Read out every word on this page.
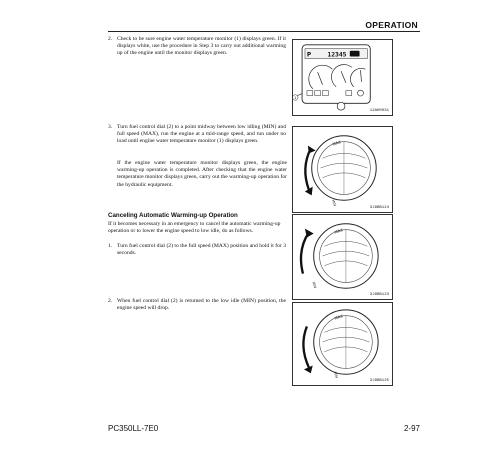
OPERATION
2. Check to be sure engine water temperature monitor (1) displays green. If it displays white, use the procedure in Step 3 to carry out additional warming up of the engine until the monitor displays green.	P 12345
1
12AH0031
3. Turn fuel control dial (2) to a point midway between low idling (MIN) and full speed (MAX), run the engine at a mid-range speed, and run under no load until engine water temperature monitor (1) displays green.
If the engine water temperature monitor displays green, the engine warming-up operation is completed. After checking that the engine water temperature monitor displays green, carry out the warming-up operation for the hydraulic equipment.
MAX
MIN
3J9BB124
Canceling Automatic Warming-up Operation
If it becomes necessary in an emergency to cancel the automatic warming-up operation or to lower the engine speed to low idle, do as follows.
1. Turn fuel control dial (2) to the full speed (MAX) position and hold it for 3 seconds.
MAX
MIN
3J9BB123
2. When fuel control dial (2) is returned to the low idle (MIN) position, the engine speed will drop.
MAX
MIN
3J9BB125
PC350LL-7E0	2-97
